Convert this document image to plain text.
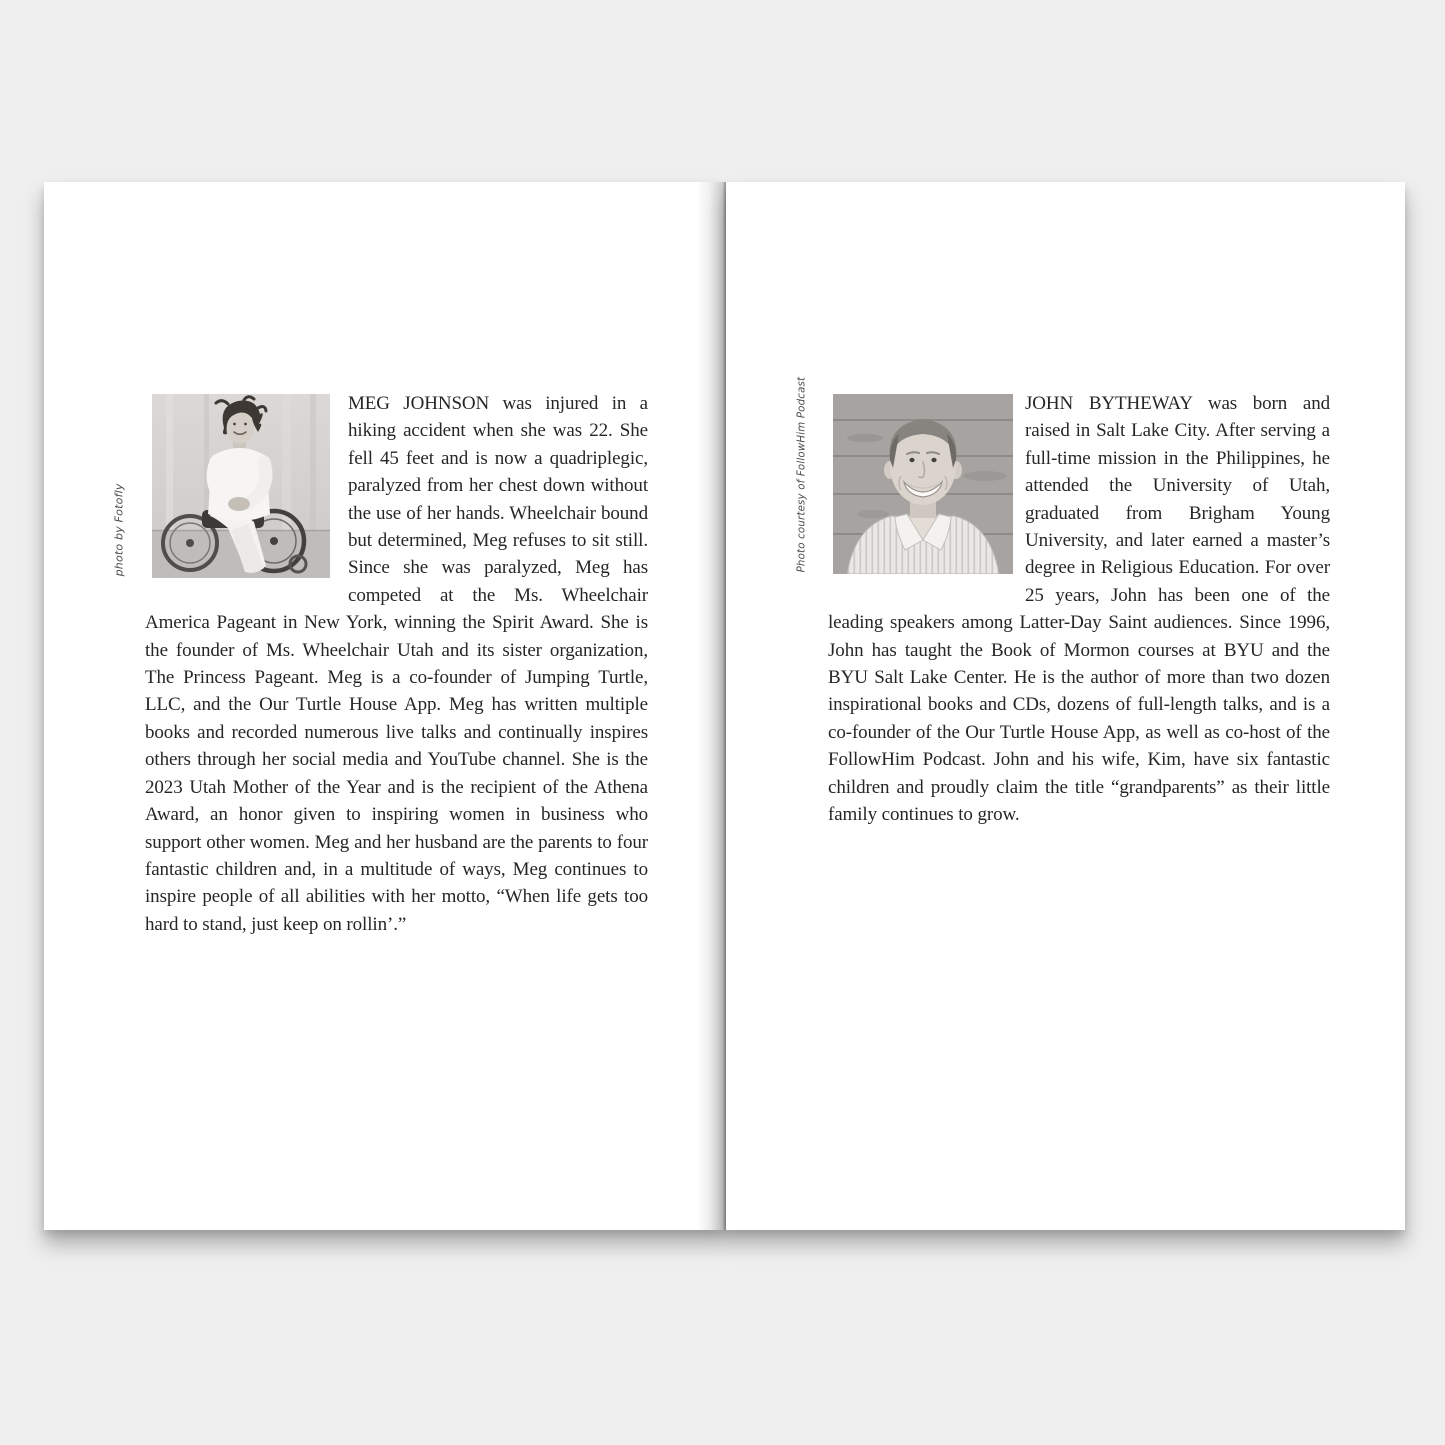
photo by Fotofly
MEG JOHNSON was injured in a hiking accident when she was 22. She fell 45 feet and is now a quadriplegic, paralyzed from her chest down without the use of her hands. Wheelchair bound but determined, Meg refuses to sit still. Since she was paralyzed, Meg has competed at the Ms. Wheelchair America Pageant in New York, winning the Spirit Award. She is the founder of Ms. Wheelchair Utah and its sister organization, The Princess Pageant. Meg is a co-founder of Jumping Turtle, LLC, and the Our Turtle House App. Meg has written multiple books and recorded numerous live talks and continually inspires others through her social media and YouTube channel. She is the 2023 Utah Mother of the Year and is the recipient of the Athena Award, an honor given to inspiring women in business who support other women. Meg and her husband are the parents to four fantastic children and, in a multitude of ways, Meg continues to inspire people of all abilities with her motto, “When life gets too hard to stand, just keep on rollin’.”
Photo courtesy of FollowHim Podcast	JOHN BYTHEWAY was born and raised in Salt Lake City. After serving a full-time mission in the Philippines, he attended the University of Utah, graduated from Brigham Young University, and later earned a master’s degree in Religious Education. For over 25 years, John has been one of the leading speakers among Latter-Day Saint audiences. Since 1996, John has taught the Book of Mormon courses at BYU and the BYU Salt Lake Center. He is the author of more than two dozen inspirational books and CDs, dozens of full-length talks, and is a co-founder of the Our Turtle House App, as well as co-host of the FollowHim Podcast. John and his wife, Kim, have six fantastic children and proudly claim the title “grandparents” as their little family continues to grow.
